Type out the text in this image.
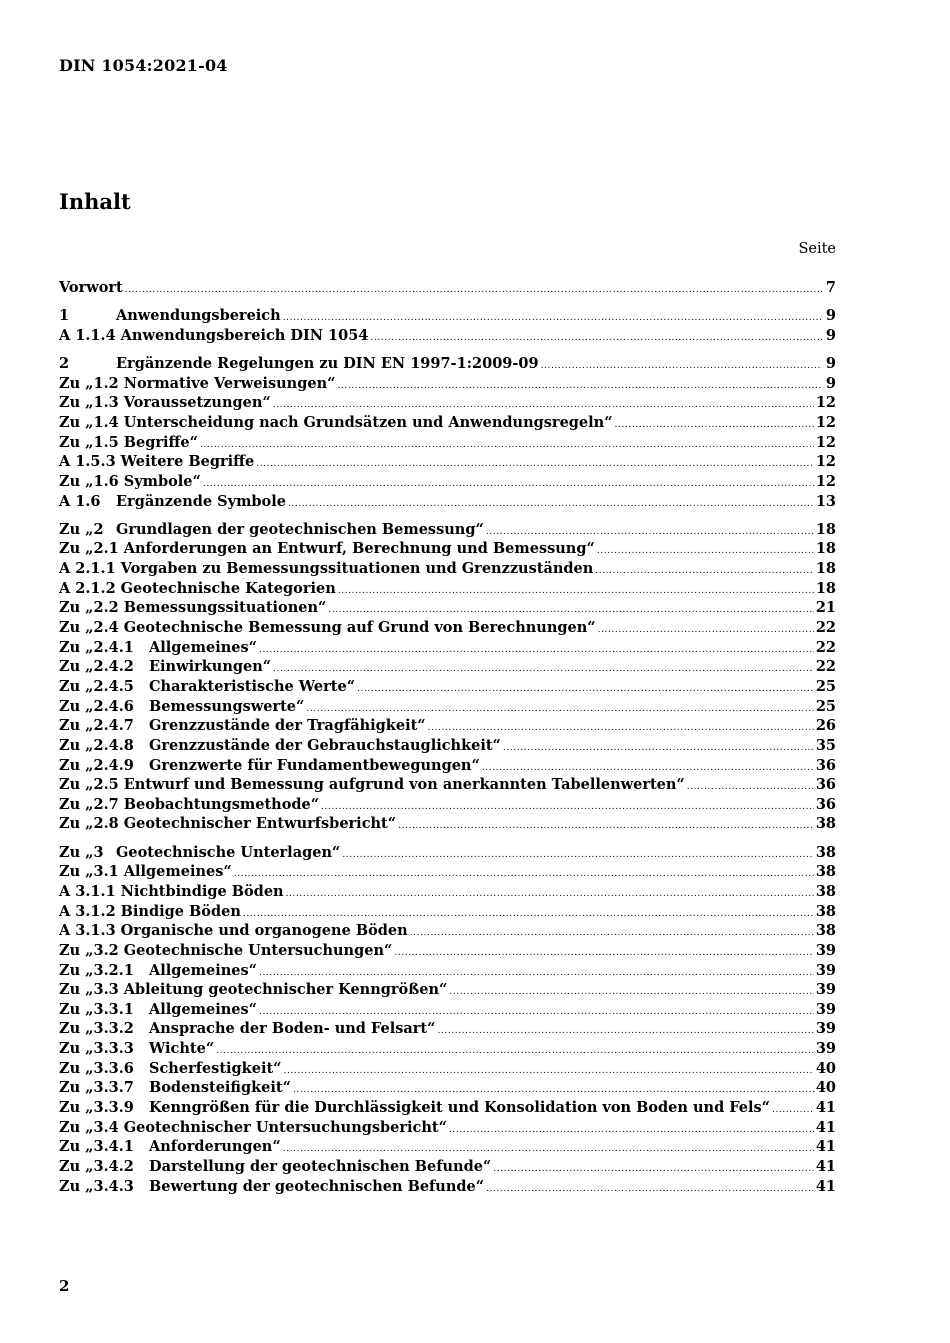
DIN 1054:2021-04
Inhalt
Seite
Vorwort .....	7
1	Anwendungsbereich .....	9
A 1.1.4 Anwendungsbereich DIN 1054 .....	9
2	Ergänzende Regelungen zu DIN EN 1997-1:2009-09 .....	9
Zu „1.2 Normative Verweisungen“ .....	9
Zu „1.3 Voraussetzungen“ .....	12
Zu „1.4 Unterscheidung nach Grundsätzen und Anwendungsregeln“ .....	12
Zu „1.5 Begriffe“ .....	12
A 1.5.3 Weitere Begriffe .....	12
Zu „1.6 Symbole“ .....	12
A 1.6	Ergänzende Symbole .....	13
Zu „2 Grundlagen der geotechnischen Bemessung“ .....	18
Zu „2.1 Anforderungen an Entwurf, Berechnung und Bemessung“ .....	18
A 2.1.1 Vorgaben zu Bemessungssituationen und Grenzzuständen .....	18
A 2.1.2 Geotechnische Kategorien .....	18
Zu „2.2 Bemessungssituationen“ .....	21
Zu „2.4 Geotechnische Bemessung auf Grund von Berechnungen“ .....	22
Zu „2.4.1	Allgemeines“ .....	22
Zu „2.4.2	Einwirkungen“ .....	22
Zu „2.4.5	Charakteristische Werte“ .....	25
Zu „2.4.6	Bemessungswerte“ .....	25
Zu „2.4.7	Grenzzustände der Tragfähigkeit“ .....	26
Zu „2.4.8	Grenzzustände der Gebrauchstauglichkeit“ .....	35
Zu „2.4.9	Grenzwerte für Fundamentbewegungen“ .....	36
Zu „2.5 Entwurf und Bemessung aufgrund von anerkannten Tabellenwerten“ .....	36
Zu „2.7 Beobachtungsmethode“ .....	36
Zu „2.8 Geotechnischer Entwurfsbericht“ .....	38
Zu „3 Geotechnische Unterlagen“ .....	38
Zu „3.1 Allgemeines“ .....	38
A 3.1.1 Nichtbindige Böden .....	38
A 3.1.2 Bindige Böden .....	38
A 3.1.3 Organische und organogene Böden .....	38
Zu „3.2 Geotechnische Untersuchungen“ .....	39
Zu „3.2.1	Allgemeines“ .....	39
Zu „3.3 Ableitung geotechnischer Kenngrößen“ .....	39
Zu „3.3.1	Allgemeines“ .....	39
Zu „3.3.2	Ansprache der Boden- und Felsart“ .....	39
Zu „3.3.3	Wichte“ .....	39
Zu „3.3.6	Scherfestigkeit“ .....	40
Zu „3.3.7	Bodensteifigkeit“ .....	40
Zu „3.3.9	Kenngrößen für die Durchlässigkeit und Konsolidation von Boden und Fels“ .....	41
Zu „3.4 Geotechnischer Untersuchungsbericht“ .....	41
Zu „3.4.1	Anforderungen“ .....	41
Zu „3.4.2	Darstellung der geotechnischen Befunde“ .....	41
Zu „3.4.3	Bewertung der geotechnischen Befunde“ .....	41
2
